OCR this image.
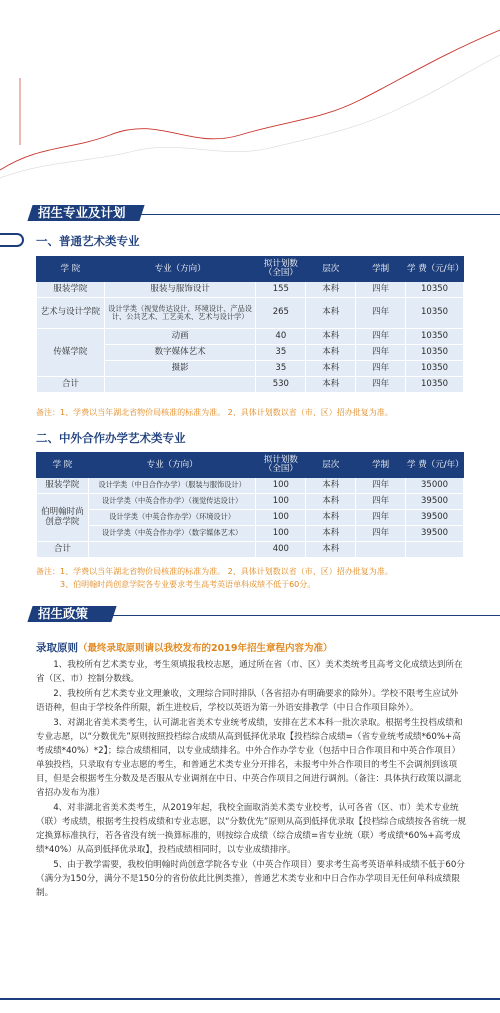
招生专业及计划
一、普通艺术类专业
学 院	专业（方向）	拟计划数（全国）	层次	学制	学 费（元/年）
服装学院	服装与服饰设计	155	本科	四年	10350
艺术与设计学院	设计学类（视觉传达设计、环境设计、产品设计、公共艺术、工艺美术、艺术与设计学）	265	本科	四年	10350
传媒学院	动画	40	本科	四年	10350
	数字媒体艺术	35	本科	四年	10350
	摄影	35	本科	四年	10350
合计		530	本科	四年	10350
备注：1、学费以当年湖北省物价局核准的标准为准。 2、具体计划数以省（市、区）招办批复为准。
二、中外合作办学艺术类专业
学 院	专业（方向）	拟计划数（全国）	层次	学制	学 费（元/年）
服装学院	设计学类（中日合作办学）（服装与服饰设计）	100	本科	四年	35000
伯明翰时尚创意学院	设计学类（中英合作办学）（视觉传达设计）	100	本科	四年	39500
	设计学类（中英合作办学）（环境设计）	100	本科	四年	39500
	设计学类（中英合作办学）（数字媒体艺术）	100	本科	四年	39500
合计		400	本科		
备注：1、学费以当年湖北省物价局核准的标准为准。 2、具体计划数以省（市、区）招办批复为准。
3、伯明翰时尚创意学院各专业要求考生高考英语单科成绩不低于60分。
招生政策
录取原则（最终录取原则请以我校发布的2019年招生章程内容为准）

1、我校所有艺术类专业，考生须填报我校志愿，通过所在省（市、区）美术类统考且高考文化成绩达到所在省（区、市）控制分数线。

2、我校所有艺术类专业文理兼收，文理综合同时排队（各省招办有明确要求的除外）。学校不限考生应试外语语种，但由于学校条件所限，新生进校后，学校以英语为第一外语安排教学（中日合作项目除外）。

3、对湖北省美术类考生，认可湖北省美术专业统考成绩，安排在艺术本科一批次录取。根据考生投档成绩和专业志愿，以“分数优先”原则按照投档综合成绩从高到低择优录取【投档综合成绩=（省专业统考成绩*60%+高考成绩*40%）*2】；综合成绩相同，以专业成绩排名。中外合作办学专业（包括中日合作项目和中英合作项目）单独投档，只录取有专业志愿的考生，和普通艺术类专业分开排名，未报考中外合作项目的考生不会调剂到该项目，但是会根据考生分数及是否服从专业调剂在中日、中英合作项目之间进行调剂。（备注：具体执行政策以湖北省招办发布为准）

4、对非湖北省美术类考生，从2019年起，我校全面取消美术类专业校考，认可各省（区、市）美术专业统（联）考成绩，根据考生投档成绩和专业志愿，以“分数优先”原则从高到低择优录取【投档综合成绩按各省统一规定换算标准执行，若各省没有统一换算标准的，则按综合成绩（综合成绩=省专业统（联）考成绩*60%+高考成绩*40%）从高到低择优录取】，投档成绩相同时，以专业成绩排序。

5、由于教学需要，我校伯明翰时尚创意学院各专业（中英合作项目）要求考生高考英语单科成绩不低于60分（满分为150分，满分不是150分的省份依此比例类推），普通艺术类专业和中日合作办学项目无任何单科成绩限制。
